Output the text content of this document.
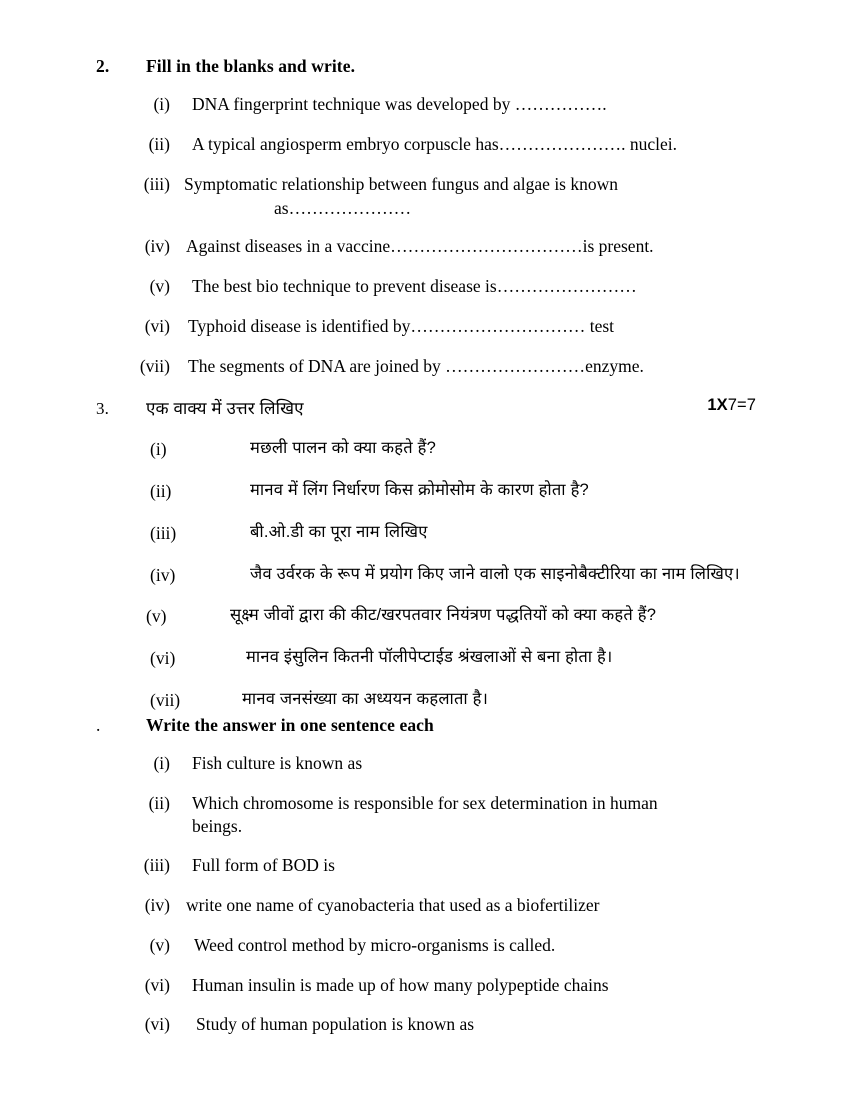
2.	Fill in the blanks and write.
(i)	DNA fingerprint technique was developed by …………….
(ii)	A typical angiosperm embryo corpuscle has…………………. nuclei.
(iii) Symptomatic relationship between fungus and algae is known
as…………………
(iv) Against diseases in a vaccine……………………………is present.
(v)	The best bio technique to prevent disease is……………………
(vi)	Typhoid disease is identified by………………………… test
(vii)	The segments of DNA are joined by ……………………enzyme.
3.	एक वाक्य में उत्तर लिखिए	1X7=7
(i)	मछली पालन को क्या कहते हैं?
(ii)	मानव में लिंग निर्धारण किस क्रोमोसोम के कारण होता है?
(iii)	बी.ओ.डी का पूरा नाम लिखिए
(iv)	जैव उर्वरक के रूप में प्रयोग किए जाने वालो एक साइनोबैक्टीरिया का नाम लिखिए।
(v)	सूक्ष्म जीवों द्वारा की कीट/खरपतवार नियंत्रण पद्धतियों को क्या कहते हैं?
(vi)	मानव इंसुलिन कितनी पॉलीपेप्टाईड श्रंखलाओं से बना होता है।
(vii)	मानव जनसंख्या का अध्ययन कहलाता है।
.	Write the answer in one sentence each
(i)	Fish culture is known as
(ii)	Which chromosome is responsible for sex determination in human beings.
(iii)	Full form of BOD is
(iv) write one name of cyanobacteria that used as a biofertilizer
(v)	Weed control method by micro-organisms is called.
(vi)	Human insulin is made up of how many polypeptide chains
(vi)	Study of human population is known as
